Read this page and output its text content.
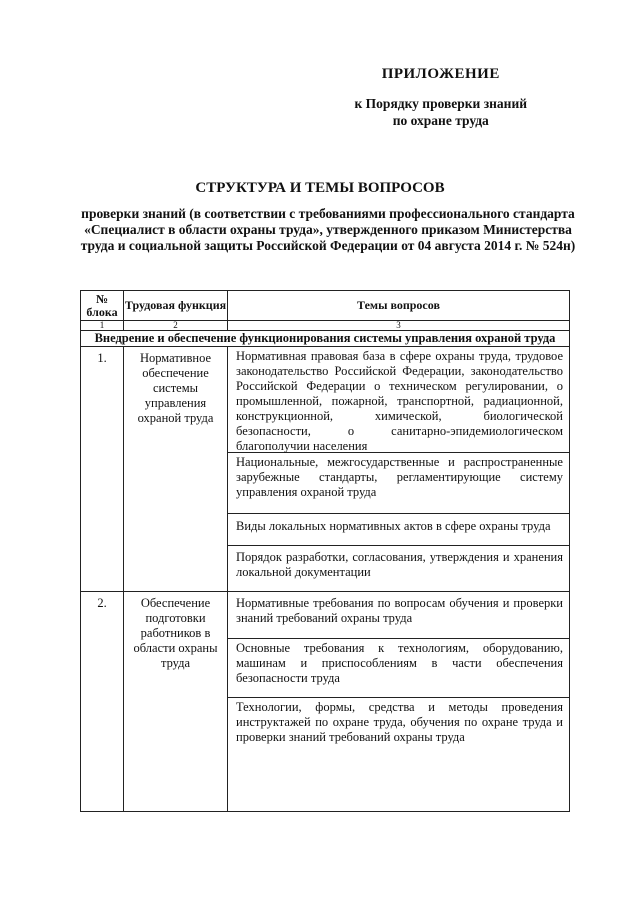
ПРИЛОЖЕНИЕ
к Порядку проверки знаний
по охране труда
СТРУКТУРА И ТЕМЫ ВОПРОСОВ
проверки знаний (в соответствии с требованиями профессионального стандарта «Специалист в области охраны труда», утвержденного приказом Министерства труда и социальной защиты Российской Федерации от 04 августа 2014 г. № 524н)
№ блока	Трудовая функция	Темы вопросов
1	2	3
Внедрение и обеспечение функционирования системы управления охраной труда		
1.	Нормативное обеспечение системы управления охраной труда	Нормативная правовая база в сфере охраны труда, трудовое законодательство Российской Федерации, законодательство Российской Федерации о техническом регулировании, о промышленной, пожарной, транспортной, радиационной, конструкционной, химической, биологической безопасности, о санитарно-эпидемиологическом благополучии населения
Национальные, межгосударственные и распространенные зарубежные стандарты, регламентирующие систему управления охраной труда
Виды локальных нормативных актов в сфере охраны труда
Порядок разработки, согласования, утверждения и хранения локальной документации

2.	Обеспечение подготовки работников в области охраны труда	Нормативные требования по вопросам обучения и проверки знаний требований охраны труда
Основные требования к технологиям, оборудованию, машинам и приспособлениям в части обеспечения безопасности труда
Технологии, формы, средства и методы проведения инструктажей по охране труда, обучения по охране труда и проверки знаний требований охраны труда
